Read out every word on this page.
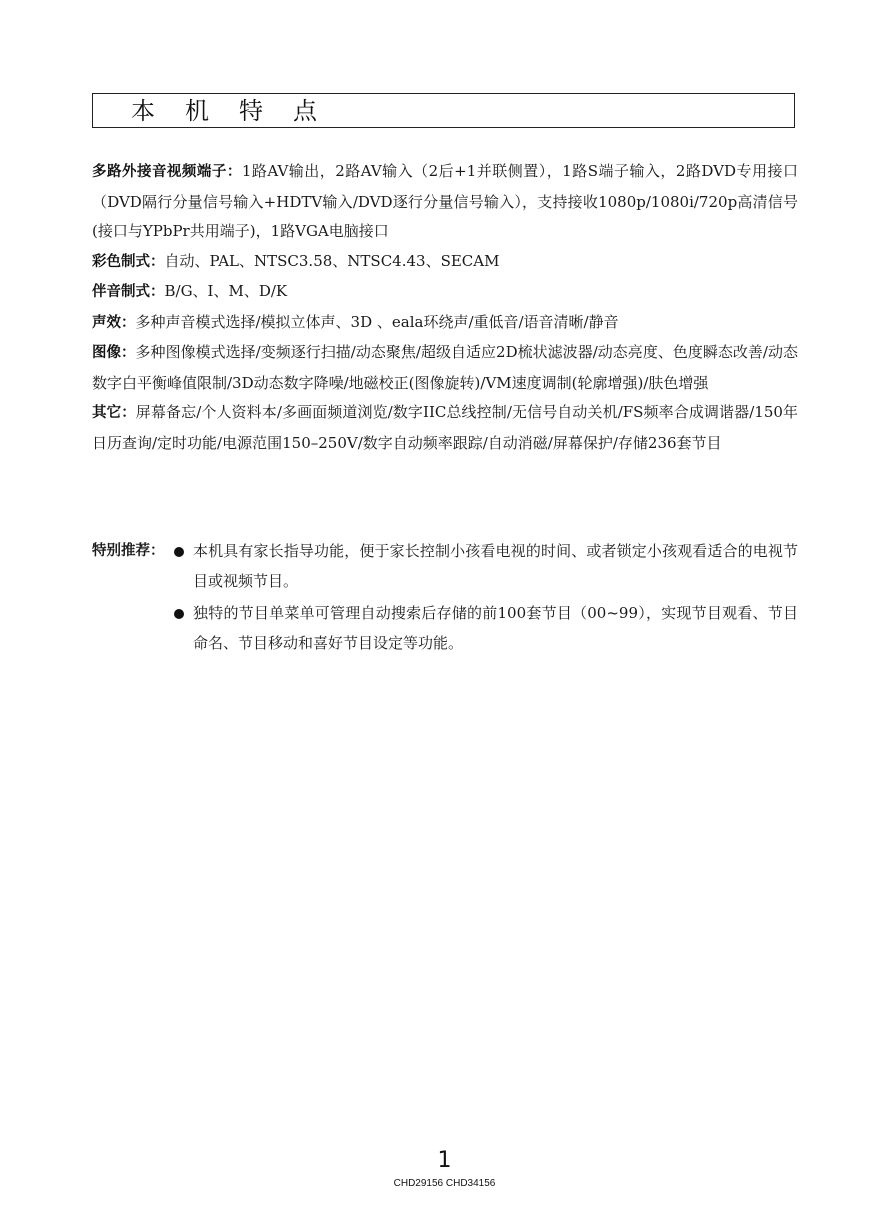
本机特点

多路外接音视频端子：1路AV输出，2路AV输入（2后+1并联侧置），1路S端子输入，2路DVD专用接口（DVD隔行分量信号输入+HDTV输入/DVD逐行分量信号输入），支持接收1080p/1080i/720p高清信号(接口与YPbPr共用端子)，1路VGA电脑接口

彩色制式：自动、PAL、NTSC3.58、NTSC4.43、SECAM

伴音制式：B/G、I、M、D/K

声效：多种声音模式选择/模拟立体声、3D 、eala环绕声/重低音/语音清晰/静音

图像：多种图像模式选择/变频逐行扫描/动态聚焦/超级自适应2D梳状滤波器/动态亮度、色度瞬态改善/动态数字白平衡峰值限制/3D动态数字降噪/地磁校正(图像旋转)/VM速度调制(轮廓增强)/肤色增强

其它：屏幕备忘/个人资料本/多画面频道浏览/数字IIC总线控制/无信号自动关机/FS频率合成调谐器/150年日历查询/定时功能/电源范围150–250V/数字自动频率跟踪/自动消磁/屏幕保护/存储236套节目

特别推荐：	本机具有家长指导功能，便于家长控制小孩看电视的时间、或者锁定小孩观看适合的电视节目或视频节目。
独特的节目单菜单可管理自动搜索后存储的前100套节目（00~99），实现节目观看、节目命名、节目移动和喜好节目设定等功能。
1
CHD29156 CHD34156
